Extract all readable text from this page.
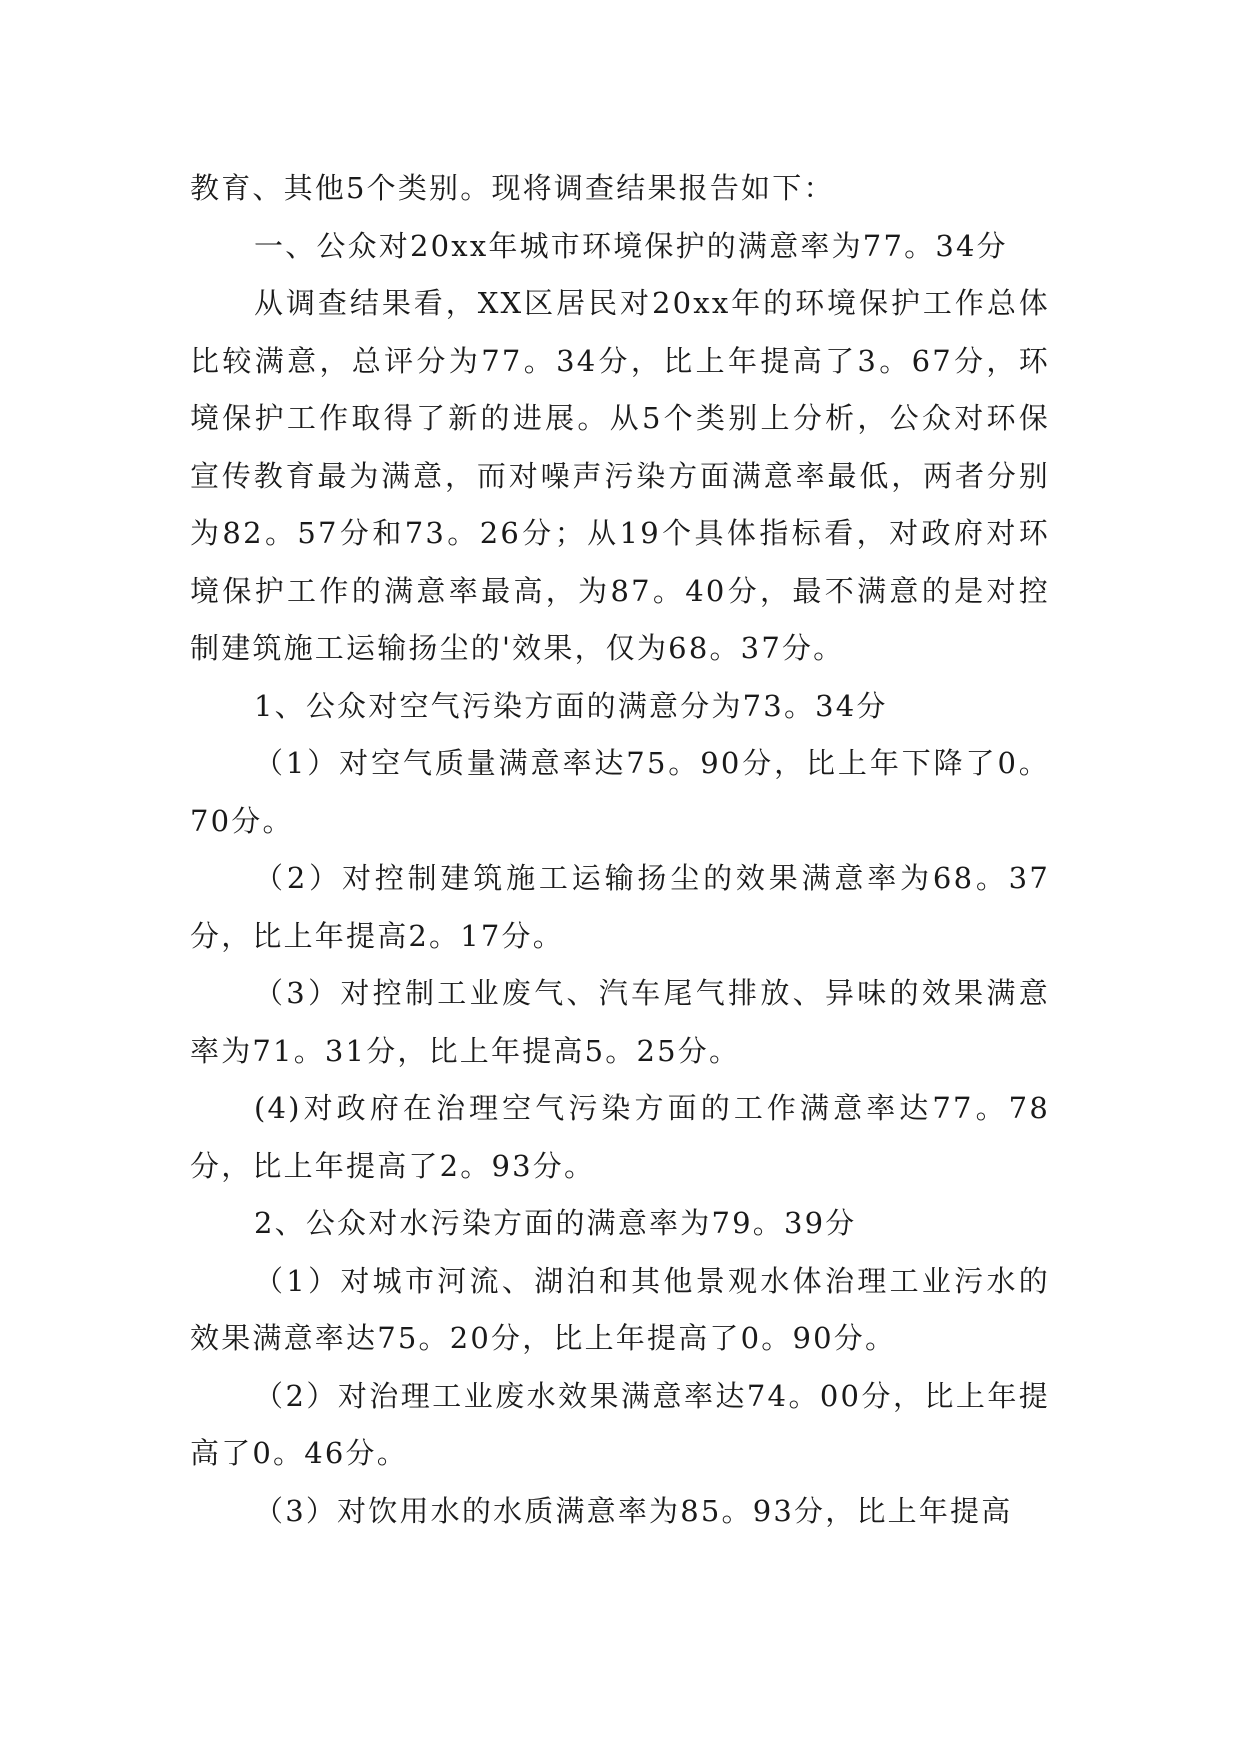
教育、其他5个类别。现将调查结果报告如下：

一、公众对20xx年城市环境保护的满意率为77。34分

从调查结果看，XX区居民对20xx年的环境保护工作总体比较满意，总评分为77。34分，比上年提高了3。67分，环境保护工作取得了新的进展。从5个类别上分析，公众对环保宣传教育最为满意，而对噪声污染方面满意率最低，两者分别为82。57分和73。26分；从19个具体指标看，对政府对环境保护工作的满意率最高，为87。40分，最不满意的是对控制建筑施工运输扬尘的'效果，仅为68。37分。

1、公众对空气污染方面的满意分为73。34分

（1）对空气质量满意率达75。90分，比上年下降了0。70分。

（2）对控制建筑施工运输扬尘的效果满意率为68。37分，比上年提高2。17分。

（3）对控制工业废气、汽车尾气排放、异味的效果满意率为71。31分，比上年提高5。25分。

(4)对政府在治理空气污染方面的工作满意率达77。78分，比上年提高了2。93分。

2、公众对水污染方面的满意率为79。39分

（1）对城市河流、湖泊和其他景观水体治理工业污水的效果满意率达75。20分，比上年提高了0。90分。

（2）对治理工业废水效果满意率达74。00分，比上年提高了0。46分。

（3）对饮用水的水质满意率为85。93分，比上年提高
